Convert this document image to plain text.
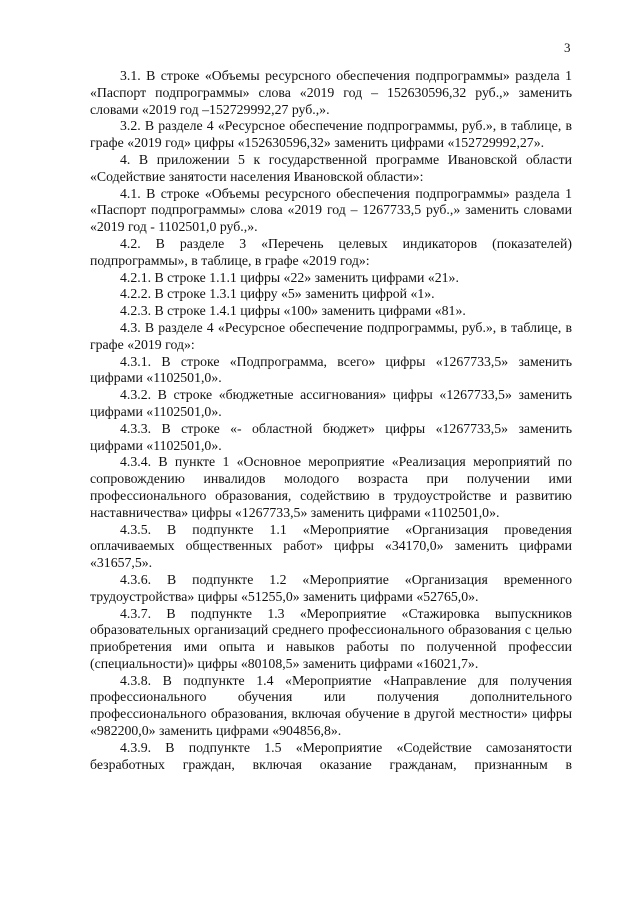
3

3.1. В строке «Объемы ресурсного обеспечения подпрограммы» раздела 1 «Паспорт подпрограммы» слова «2019 год – 152630596,32 руб.,» заменить словами «2019 год –152729992,27 руб.,».

3.2. В разделе 4 «Ресурсное обеспечение подпрограммы, руб.», в таблице, в графе «2019 год» цифры «152630596,32» заменить цифрами «152729992,27».

4. В приложении 5 к государственной программе Ивановской области «Содействие занятости населения Ивановской области»:

4.1. В строке «Объемы ресурсного обеспечения подпрограммы» раздела 1 «Паспорт подпрограммы» слова «2019 год – 1267733,5 руб.,» заменить словами «2019 год - 1102501,0 руб.,».

4.2. В разделе 3 «Перечень целевых индикаторов (показателей) подпрограммы», в таблице, в графе «2019 год»:

4.2.1. В строке 1.1.1 цифры «22» заменить цифрами «21».

4.2.2. В строке 1.3.1 цифру «5» заменить цифрой «1».

4.2.3. В строке 1.4.1 цифры «100» заменить цифрами «81».

4.3. В разделе 4 «Ресурсное обеспечение подпрограммы, руб.», в таблице, в графе «2019 год»:

4.3.1. В строке «Подпрограмма, всего» цифры «1267733,5» заменить цифрами «1102501,0».

4.3.2. В строке «бюджетные ассигнования» цифры «1267733,5» заменить цифрами «1102501,0».

4.3.3. В строке «- областной бюджет» цифры «1267733,5» заменить цифрами «1102501,0».

4.3.4. В пункте 1 «Основное мероприятие «Реализация мероприятий по сопровождению инвалидов молодого возраста при получении ими профессионального образования, содействию в трудоустройстве и развитию наставничества» цифры «1267733,5» заменить цифрами «1102501,0».

4.3.5. В подпункте 1.1 «Мероприятие «Организация проведения оплачиваемых общественных работ» цифры «34170,0» заменить цифрами «31657,5».

4.3.6. В подпункте 1.2 «Мероприятие «Организация временного трудоустройства» цифры «51255,0» заменить цифрами «52765,0».

4.3.7. В подпункте 1.3 «Мероприятие «Стажировка выпускников образовательных организаций среднего профессионального образования с целью приобретения ими опыта и навыков работы по полученной профессии (специальности)» цифры «80108,5» заменить цифрами «16021,7».

4.3.8. В подпункте 1.4 «Мероприятие «Направление для получения профессионального обучения или получения дополнительного профессионального образования, включая обучение в другой местности» цифры «982200,0» заменить цифрами «904856,8».

4.3.9. В подпункте 1.5 «Мероприятие «Содействие самозанятости безработных граждан, включая оказание гражданам, признанным в
